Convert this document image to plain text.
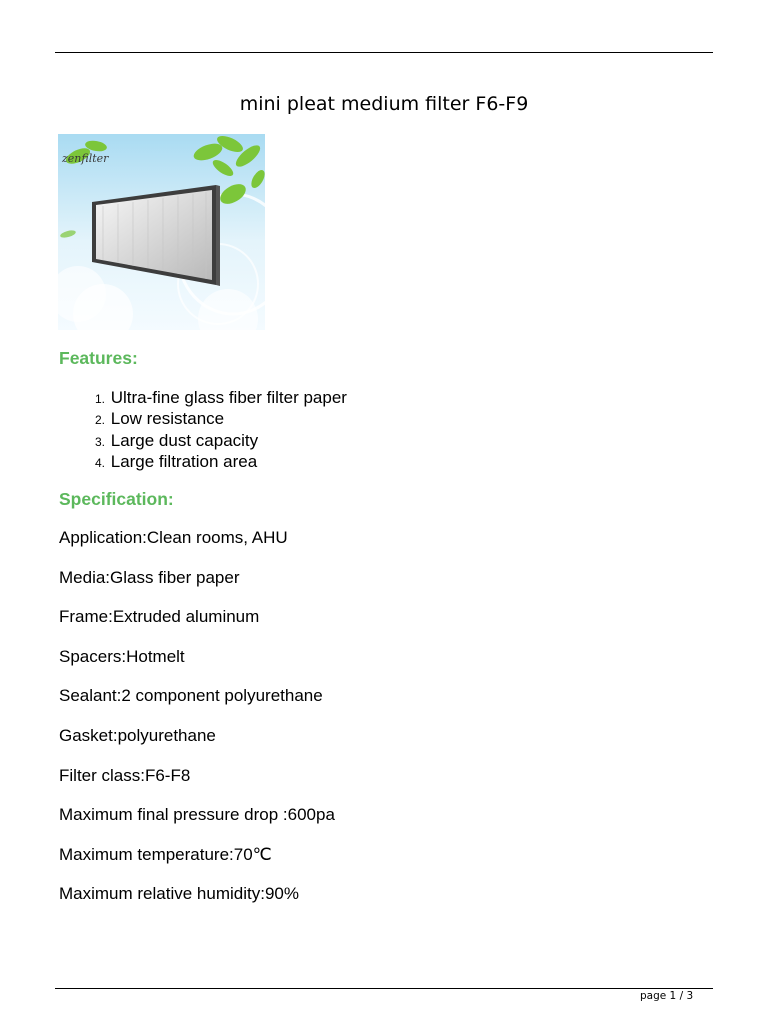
mini pleat medium filter F6-F9
zenfilter
Features:
1. Ultra-fine glass fiber filter paper
2. Low resistance
3. Large dust capacity
4. Large filtration area
Specification:
Application:Clean rooms, AHU
Media:Glass fiber paper
Frame:Extruded aluminum
Spacers:Hotmelt
Sealant:2 component polyurethane
Gasket:polyurethane
Filter class:F6-F8
Maximum final pressure drop :600pa
Maximum temperature:70℃
Maximum relative humidity:90%
page 1 / 3
